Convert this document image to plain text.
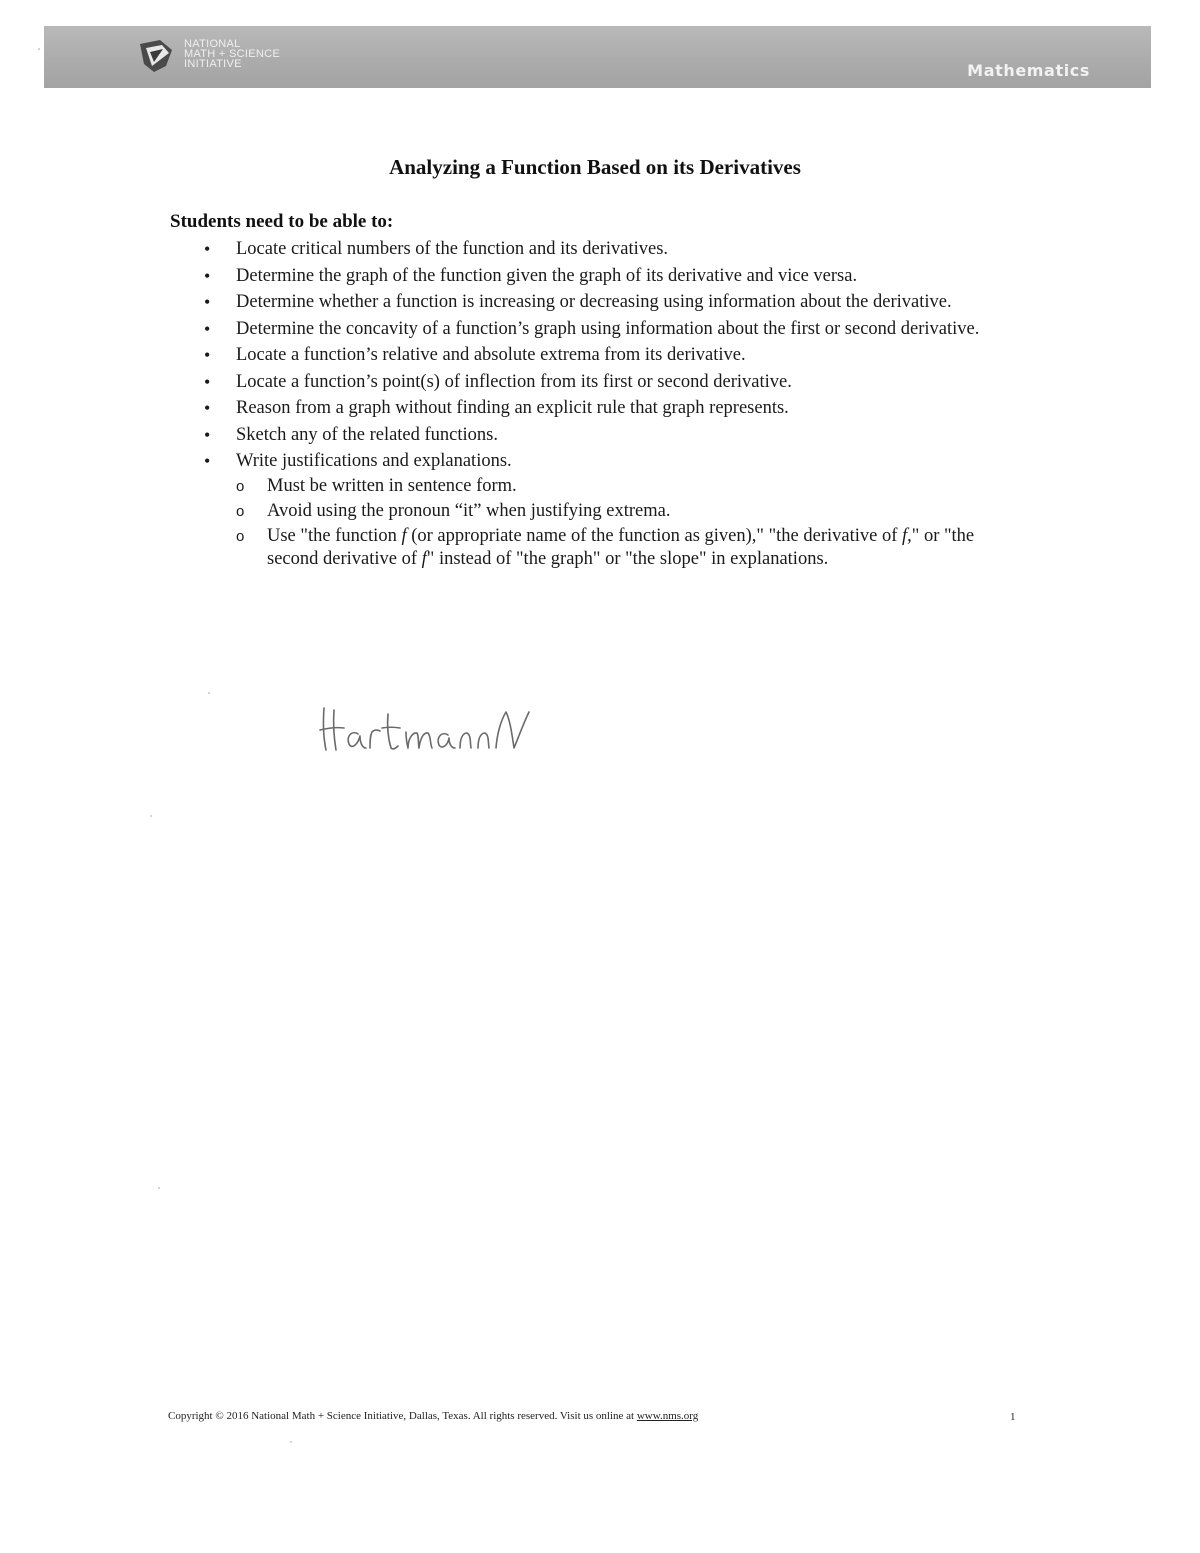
NATIONAL
MATH + SCIENCE
INITIATIVE	Mathematics
Analyzing a Function Based on its Derivatives
Students need to be able to:
• Locate critical numbers of the function and its derivatives.
• Determine the graph of the function given the graph of its derivative and vice versa.
• Determine whether a function is increasing or decreasing using information about the derivative.
• Determine the concavity of a function’s graph using information about the first or second derivative.
• Locate a function’s relative and absolute extrema from its derivative.
• Locate a function’s point(s) of inflection from its first or second derivative.
• Reason from a graph without finding an explicit rule that graph represents.
• Sketch any of the related functions.
• Write justifications and explanations.
o Must be written in sentence form.
o Avoid using the pronoun “it” when justifying extrema.
o Use "the function f (or appropriate name of the function as given)," "the derivative of f," or "the second derivative of f" instead of "the graph" or "the slope" in explanations.
Copyright © 2016 National Math + Science Initiative, Dallas, Texas. All rights reserved. Visit us online at www.nms.org	1
